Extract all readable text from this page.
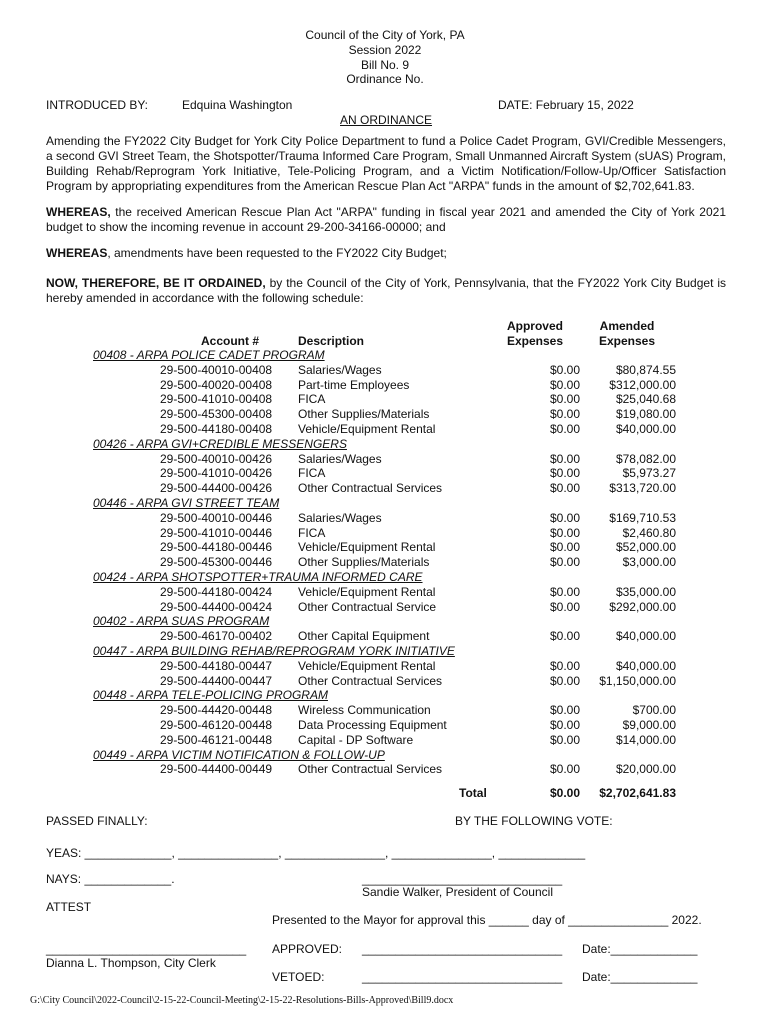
Council of the City of York, PA
Session 2022
Bill No. 9
Ordinance No.
INTRODUCED BY:	Edquina Washington	DATE: February 15, 2022
AN ORDINANCE
Amending the FY2022 City Budget for York City Police Department to fund a Police Cadet Program, GVI/Credible Messengers, a second GVI Street Team, the Shotspotter/Trauma Informed Care Program, Small Unmanned Aircraft System (sUAS) Program, Building Rehab/Reprogram York Initiative, Tele-Policing Program, and a Victim Notification/Follow-Up/Officer Satisfaction Program by appropriating expenditures from the American Rescue Plan Act "ARPA" funds in the amount of $2,702,641.83.
WHEREAS, the received American Rescue Plan Act "ARPA" funding in fiscal year 2021 and amended the City of York 2021 budget to show the incoming revenue in account 29-200-34166-00000; and
WHEREAS, amendments have been requested to the FY2022 City Budget;
NOW, THEREFORE, BE IT ORDAINED, by the Council of the City of York, Pennsylvania, that the FY2022 York City Budget is hereby amended in accordance with the following schedule:
Approved
Expenses
Amended
Expenses
Account #	Description
00408 - ARPA POLICE CADET PROGRAM
29-500-40010-00408 Salaries/Wages	$0.00	$80,874.55
29-500-40020-00408 Part-time Employees	$0.00 $312,000.00
29-500-41010-00408 FICA	$0.00	$25,040.68
29-500-45300-00408 Other Supplies/Materials	$0.00	$19,080.00
29-500-44180-00408 Vehicle/Equipment Rental	$0.00	$40,000.00
00426 - ARPA GVI+CREDIBLE MESSENGERS
29-500-40010-00426 Salaries/Wages	$0.00	$78,082.00
29-500-41010-00426 FICA	$0.00	$5,973.27
29-500-44400-00426 Other Contractual Services	$0.00 $313,720.00
00446 - ARPA GVI STREET TEAM
29-500-40010-00446 Salaries/Wages	$0.00 $169,710.53
29-500-41010-00446 FICA	$0.00	$2,460.80
29-500-44180-00446 Vehicle/Equipment Rental	$0.00	$52,000.00
29-500-45300-00446 Other Supplies/Materials	$0.00	$3,000.00
00424 - ARPA SHOTSPOTTER+TRAUMA INFORMED CARE
29-500-44180-00424 Vehicle/Equipment Rental	$0.00	$35,000.00
29-500-44400-00424 Other Contractual Service	$0.00 $292,000.00
00402 - ARPA SUAS PROGRAM
29-500-46170-00402 Other Capital Equipment	$0.00	$40,000.00
00447 - ARPA BUILDING REHAB/REPROGRAM YORK INITIATIVE
29-500-44180-00447 Vehicle/Equipment Rental	$0.00	$40,000.00
29-500-44400-00447 Other Contractual Services	$0.00 $1,150,000.00
00448 - ARPA TELE-POLICING PROGRAM
29-500-44420-00448 Wireless Communication	$0.00	$700.00
29-500-46120-00448 Data Processing Equipment	$0.00	$9,000.00
29-500-46121-00448 Capital - DP Software	$0.00	$14,000.00
00449 - ARPA VICTIM NOTIFICATION & FOLLOW-UP
29-500-44400-00449 Other Contractual Services	$0.00	$20,000.00
Total	$0.00 $2,702,641.83
PASSED FINALLY:	BY THE FOLLOWING VOTE:
YEAS: _____________, _______________, _______________, _______________, _____________
NAYS: _____________.	______________________________
Sandie Walker, President of Council
ATTEST
Presented to the Mayor for approval this ______ day of _______________ 2022.
______________________________
Dianna L. Thompson, City Clerk
APPROVED: ______________________________ Date:_____________
VETOED:	______________________________ Date:_____________
G:\City Council\2022-Council\2-15-22-Council-Meeting\2-15-22-Resolutions-Bills-Approved\Bill9.docx
